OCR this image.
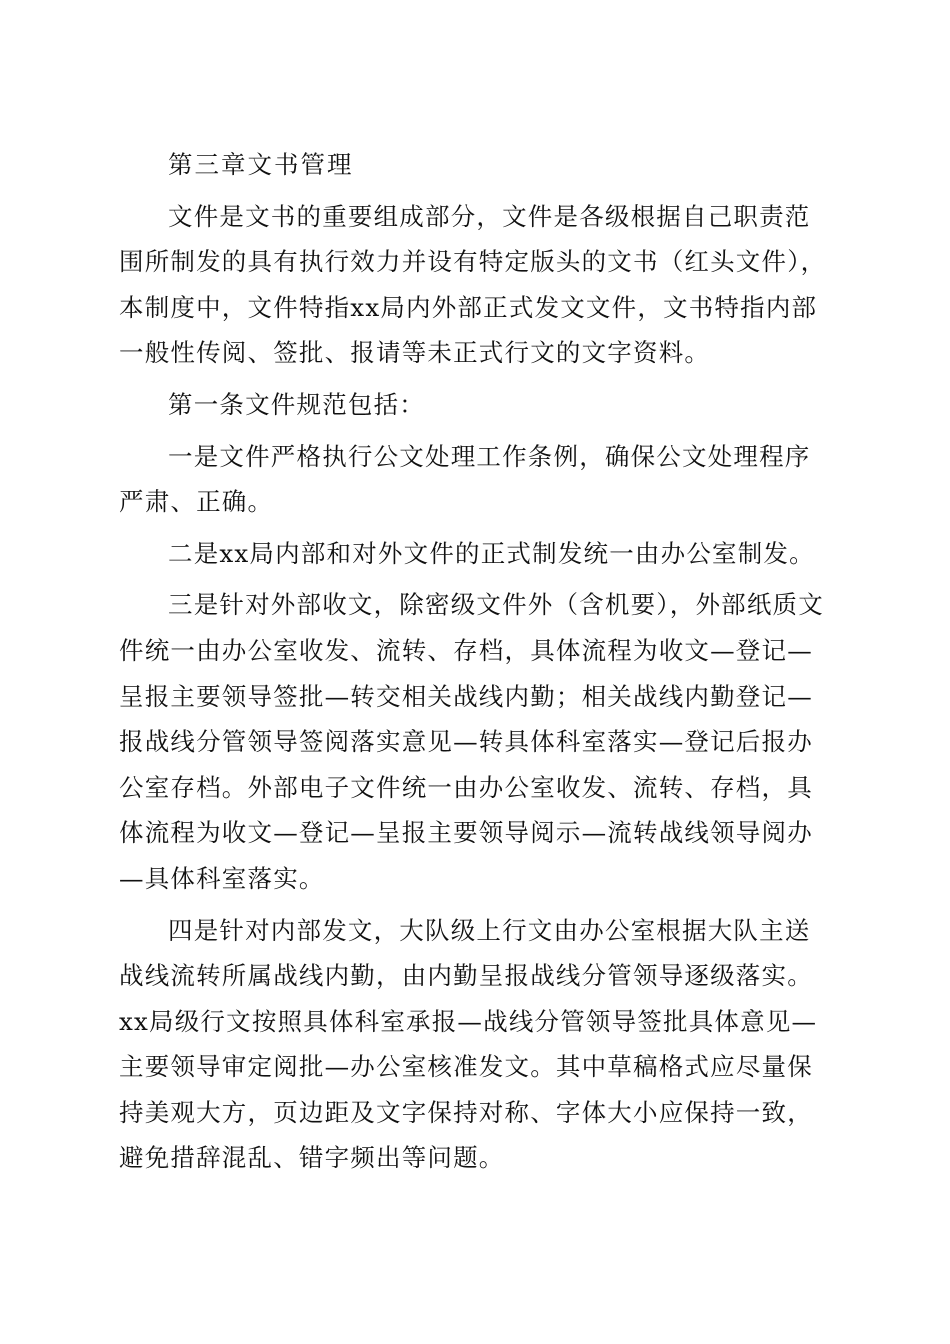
第三章文书管理

文件是文书的重要组成部分，文件是各级根据自己职责范围所制发的具有执行效力并设有特定版头的文书（红头文件），本制度中，文件特指xx局内外部正式发文文件，文书特指内部一般性传阅、签批、报请等未正式行文的文字资料。

第一条文件规范包括：

一是文件严格执行公文处理工作条例，确保公文处理程序严肃、正确。

二是xx局内部和对外文件的正式制发统一由办公室制发。

三是针对外部收文，除密级文件外（含机要），外部纸质文件统一由办公室收发、流转、存档，具体流程为收文—登记—呈报主要领导签批—转交相关战线内勤；相关战线内勤登记—报战线分管领导签阅落实意见—转具体科室落实—登记后报办公室存档。外部电子文件统一由办公室收发、流转、存档，具体流程为收文—登记—呈报主要领导阅示—流转战线领导阅办—具体科室落实。

四是针对内部发文，大队级上行文由办公室根据大队主送战线流转所属战线内勤，由内勤呈报战线分管领导逐级落实。xx局级行文按照具体科室承报—战线分管领导签批具体意见—主要领导审定阅批—办公室核准发文。其中草稿格式应尽量保持美观大方，页边距及文字保持对称、字体大小应保持一致，避免措辞混乱、错字频出等问题。
